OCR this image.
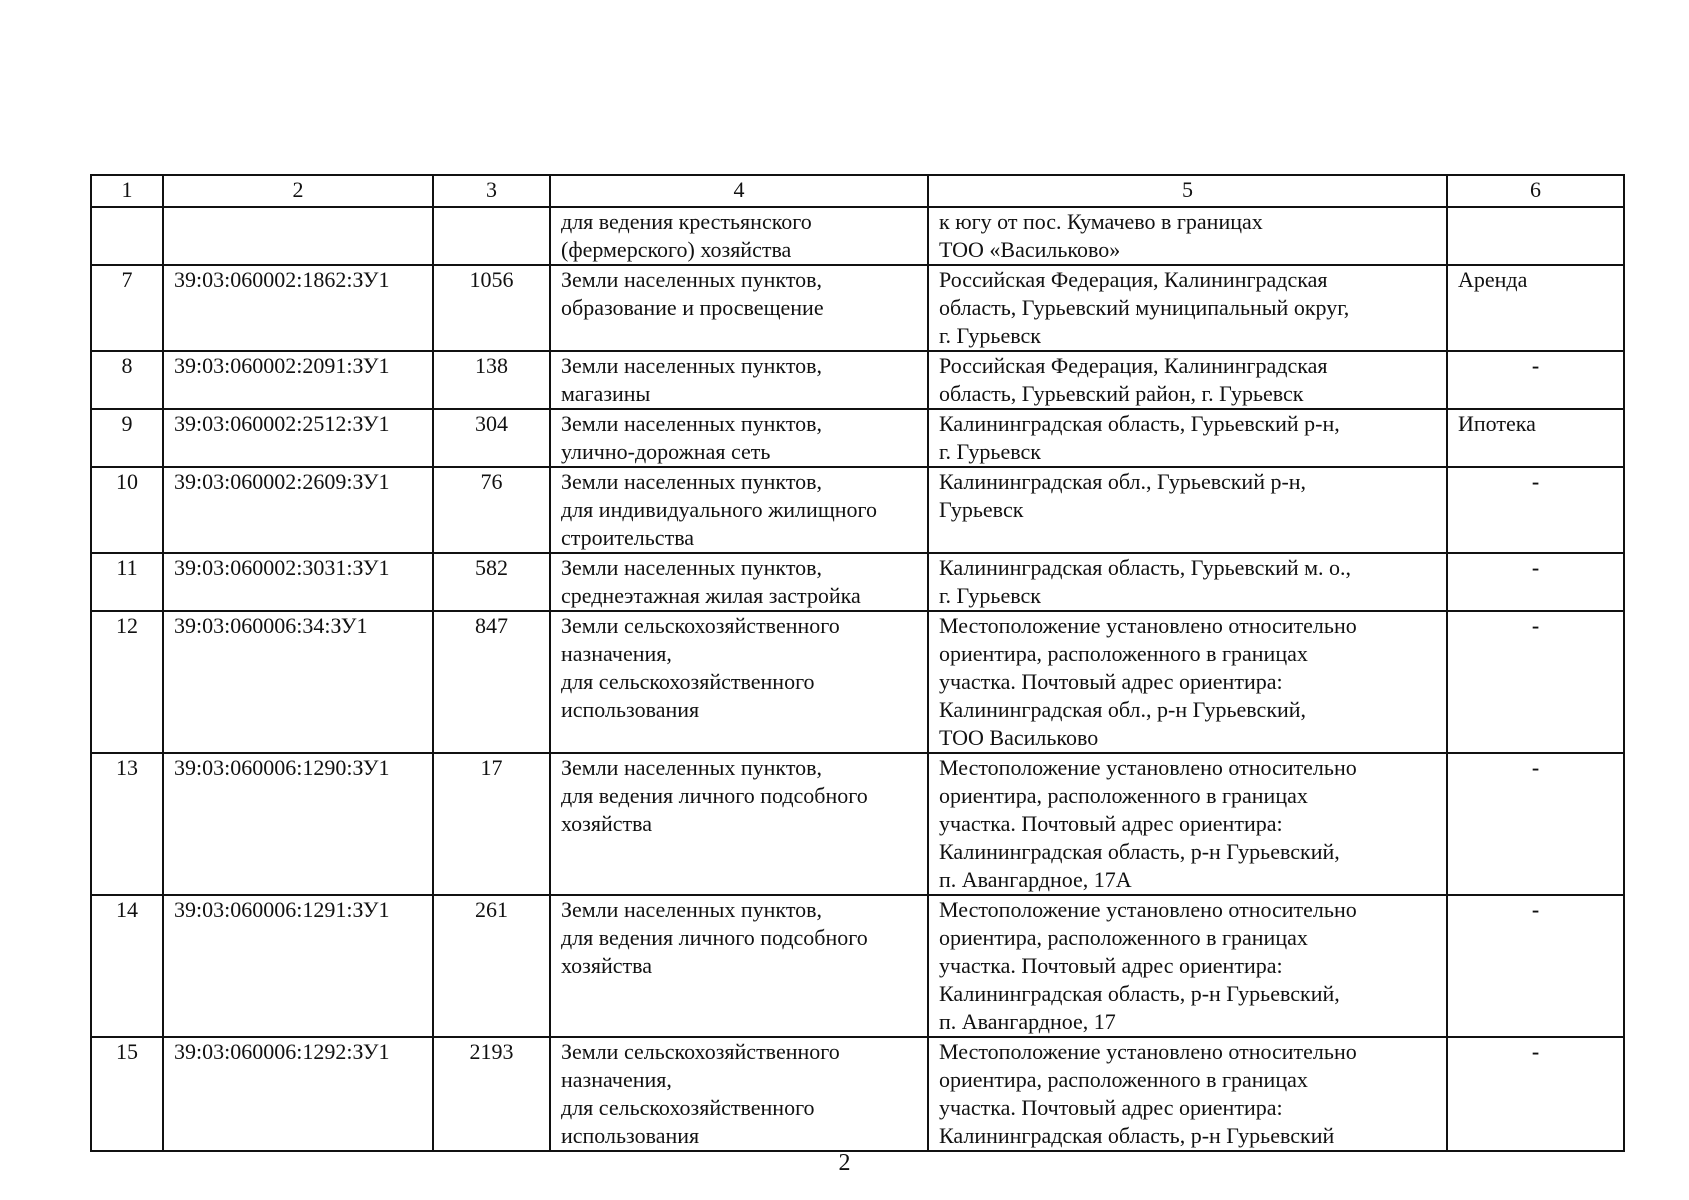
1	2	3	4	5	6
			для ведения крестьянского
(фермерского) хозяйства	к югу от пос. Кумачево в границах
ТОО «Васильково»	
7	39:03:060002:1862:ЗУ1	1056	Земли населенных пунктов,
образование и просвещение	Российская Федерация, Калининградская
область, Гурьевский муниципальный округ,
г. Гурьевск	Аренда
8	39:03:060002:2091:ЗУ1	138	Земли населенных пунктов,
магазины	Российская Федерация, Калининградская
область, Гурьевский район, г. Гурьевск	-
9	39:03:060002:2512:ЗУ1	304	Земли населенных пунктов,
улично-дорожная сеть	Калининградская область, Гурьевский р-н,
г. Гурьевск	Ипотека
10	39:03:060002:2609:ЗУ1	76	Земли населенных пунктов,
для индивидуального жилищного
строительства	Калининградская обл., Гурьевский р-н,
Гурьевск	-
11	39:03:060002:3031:ЗУ1	582	Земли населенных пунктов,
среднеэтажная жилая застройка	Калининградская область, Гурьевский м. о.,
г. Гурьевск	-
12	39:03:060006:34:ЗУ1	847	Земли сельскохозяйственного
назначения,
для сельскохозяйственного
использования	Местоположение установлено относительно
ориентира, расположенного в границах
участка. Почтовый адрес ориентира:
Калининградская обл., р-н Гурьевский,
ТОО Васильково	-
13	39:03:060006:1290:ЗУ1	17	Земли населенных пунктов,
для ведения личного подсобного
хозяйства	Местоположение установлено относительно
ориентира, расположенного в границах
участка. Почтовый адрес ориентира:
Калининградская область, р-н Гурьевский,
п. Авангардное, 17А	-
14	39:03:060006:1291:ЗУ1	261	Земли населенных пунктов,
для ведения личного подсобного
хозяйства	Местоположение установлено относительно
ориентира, расположенного в границах
участка. Почтовый адрес ориентира:
Калининградская область, р-н Гурьевский,
п. Авангардное, 17	-
15	39:03:060006:1292:ЗУ1	2193	Земли сельскохозяйственного
назначения,
для сельскохозяйственного
использования	Местоположение установлено относительно
ориентира, расположенного в границах
участка. Почтовый адрес ориентира:
Калининградская область, р-н Гурьевский	-
2
